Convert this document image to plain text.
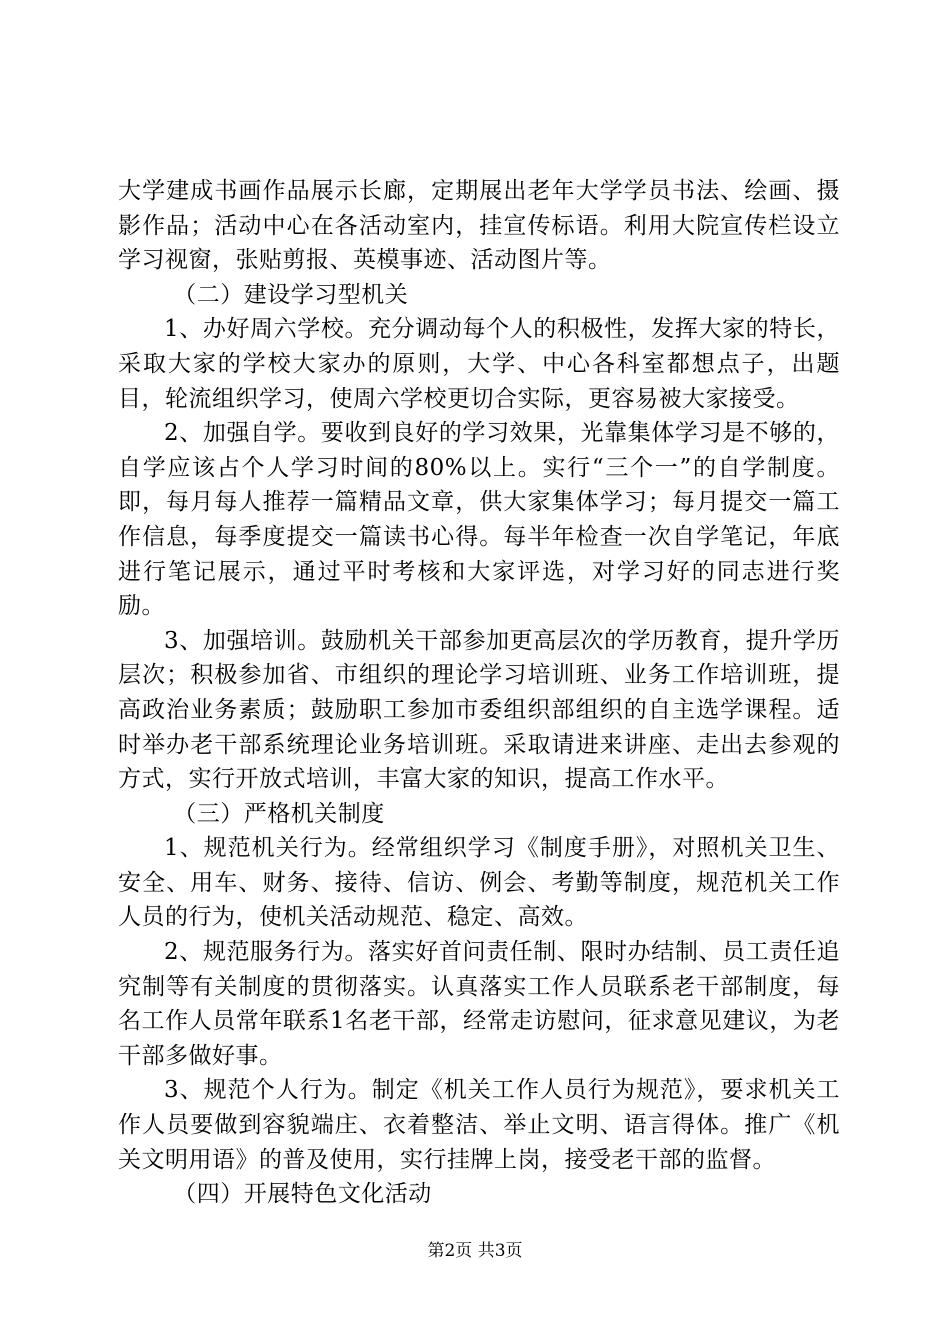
大学建成书画作品展示长廊，定期展出老年大学学员书法、绘画、摄影作品；活动中心在各活动室内，挂宣传标语。利用大院宣传栏设立学习视窗，张贴剪报、英模事迹、活动图片等。

（二）建设学习型机关

1、办好周六学校。充分调动每个人的积极性，发挥大家的特长，采取大家的学校大家办的原则，大学、中心各科室都想点子，出题目，轮流组织学习，使周六学校更切合实际，更容易被大家接受。

2、加强自学。要收到良好的学习效果，光靠集体学习是不够的，自学应该占个人学习时间的80%以上。实行“三个一”的自学制度。即，每月每人推荐一篇精品文章，供大家集体学习；每月提交一篇工作信息，每季度提交一篇读书心得。每半年检查一次自学笔记，年底进行笔记展示，通过平时考核和大家评选，对学习好的同志进行奖励。

3、加强培训。鼓励机关干部参加更高层次的学历教育，提升学历层次；积极参加省、市组织的理论学习培训班、业务工作培训班，提高政治业务素质；鼓励职工参加市委组织部组织的自主选学课程。适时举办老干部系统理论业务培训班。采取请进来讲座、走出去参观的方式，实行开放式培训，丰富大家的知识，提高工作水平。

（三）严格机关制度

1、规范机关行为。经常组织学习《制度手册》，对照机关卫生、安全、用车、财务、接待、信访、例会、考勤等制度，规范机关工作人员的行为，使机关活动规范、稳定、高效。

2、规范服务行为。落实好首问责任制、限时办结制、员工责任追究制等有关制度的贯彻落实。认真落实工作人员联系老干部制度，每名工作人员常年联系1名老干部，经常走访慰问，征求意见建议，为老干部多做好事。

3、规范个人行为。制定《机关工作人员行为规范》，要求机关工作人员要做到容貌端庄、衣着整洁、举止文明、语言得体。推广《机关文明用语》的普及使用，实行挂牌上岗，接受老干部的监督。

（四）开展特色文化活动

第2页 共3页
